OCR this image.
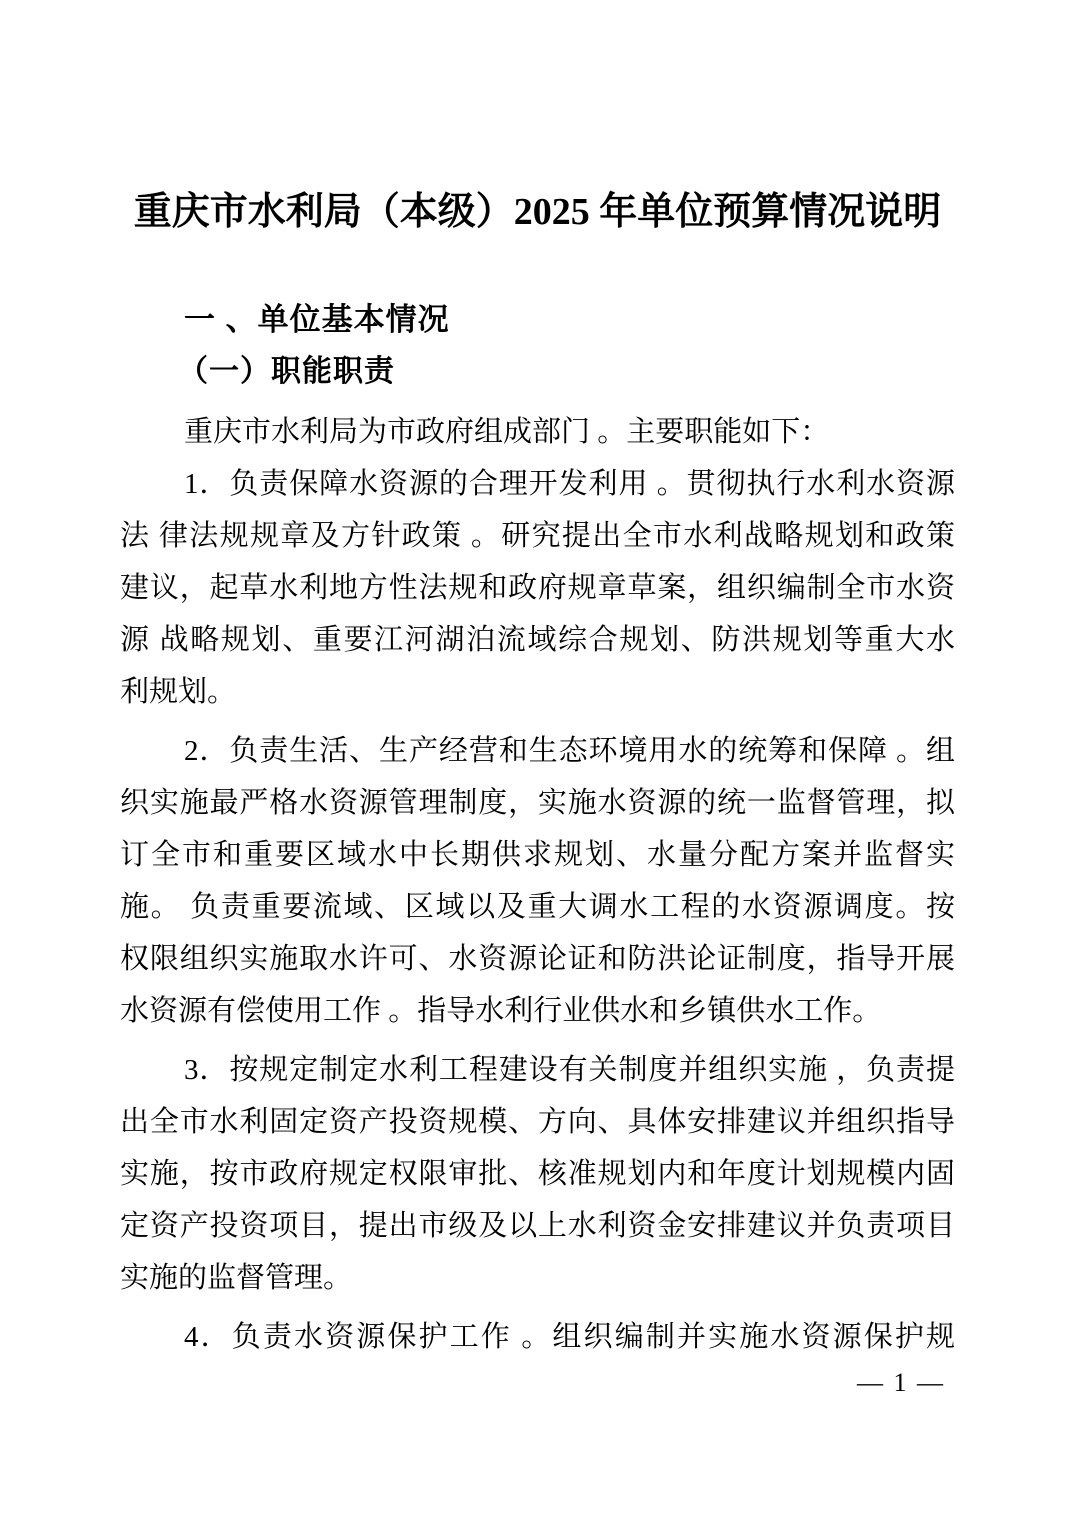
重庆市水利局（本级）2025 年单位预算情况说明
一 、单位基本情况
（一）职能职责
重庆市水利局为市政府组成部门 。主要职能如下：
1．负责保障水资源的合理开发利用 。贯彻执行水利水资源
法 律法规规章及方针政策 。研究提出全市水利战略规划和政策
建议，起草水利地方性法规和政府规章草案，组织编制全市水资
源 战略规划、重要江河湖泊流域综合规划、防洪规划等重大水
利规划。
2．负责生活、生产经营和生态环境用水的统筹和保障 。组
织实施最严格水资源管理制度，实施水资源的统一监督管理，拟
订全市和重要区域水中长期供求规划、水量分配方案并监督实
施。 负责重要流域、区域以及重大调水工程的水资源调度。按
权限组织实施取水许可、水资源论证和防洪论证制度，指导开展
水资源有偿使用工作 。指导水利行业供水和乡镇供水工作。
3．按规定制定水利工程建设有关制度并组织实施 ，负责提
出全市水利固定资产投资规模、方向、具体安排建议并组织指导
实施，按市政府规定权限审批、核准规划内和年度计划规模内固
定资产投资项目，提出市级及以上水利资金安排建议并负责项目
实施的监督管理。
4．负责水资源保护工作 。组织编制并实施水资源保护规
— 1 —
